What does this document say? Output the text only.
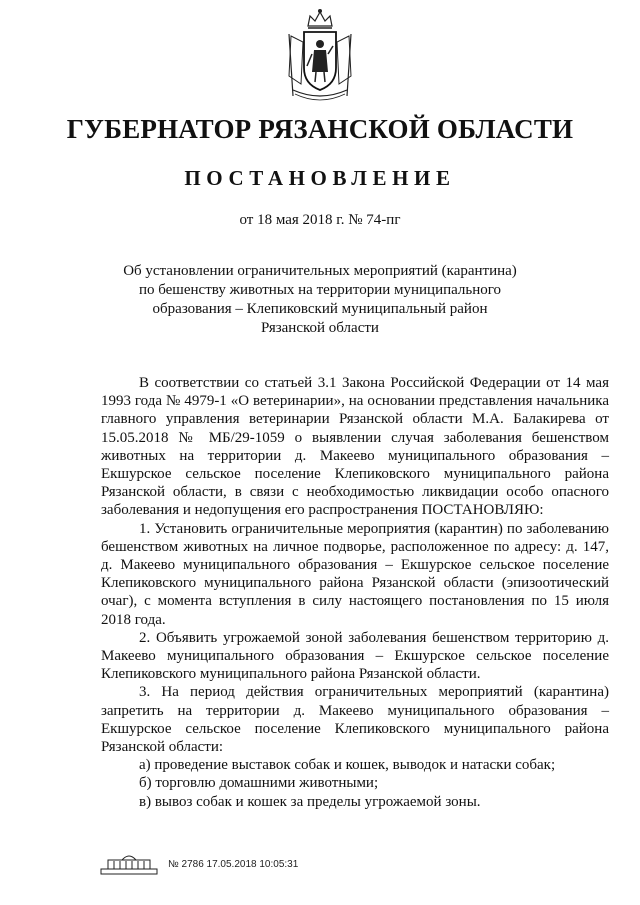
ГУБЕРНАТОР РЯЗАНСКОЙ ОБЛАСТИ
ПОСТАНОВЛЕНИЕ
от 18 мая 2018 г. № 74-пг
Об установлении ограничительных мероприятий (карантина)
по бешенству животных на территории муниципального
образования – Клепиковский муниципальный район Рязанской области

В соответствии со статьей 3.1 Закона Российской Федерации от 14 мая 1993 года № 4979-1 «О ветеринарии», на основании представления начальника главного управления ветеринарии Рязанской области М.А. Балакирева от 15.05.2018 № МБ/29-1059 о выявлении случая заболевания бешенством животных на территории д. Макеево муниципального образования – Екшурское сельское поселение Клепиковского муниципального района Рязанской области, в связи с необходимостью ликвидации особо опасного заболевания и недопущения его распространения ПОСТАНОВЛЯЮ:

1. Установить ограничительные мероприятия (карантин) по заболеванию бешенством животных на личное подворье, расположенное по адресу: д. 147, д. Макеево муниципального образования – Екшурское сельское поселение Клепиковского муниципального района Рязанской области (эпизоотический очаг), с момента вступления в силу настоящего постановления по 15 июля 2018 года.

2. Объявить угрожаемой зоной заболевания бешенством территорию д. Макеево муниципального образования – Екшурское сельское поселение Клепиковского муниципального района Рязанской области.

3. На период действия ограничительных мероприятий (карантина) запретить на территории д. Макеево муниципального образования – Екшурское сельское поселение Клепиковского муниципального района Рязанской области:

а) проведение выставок собак и кошек, выводок и натаски собак;

б) торговлю домашними животными;

в) вывоз собак и кошек за пределы угрожаемой зоны.

№ 2786 17.05.2018 10:05:31
